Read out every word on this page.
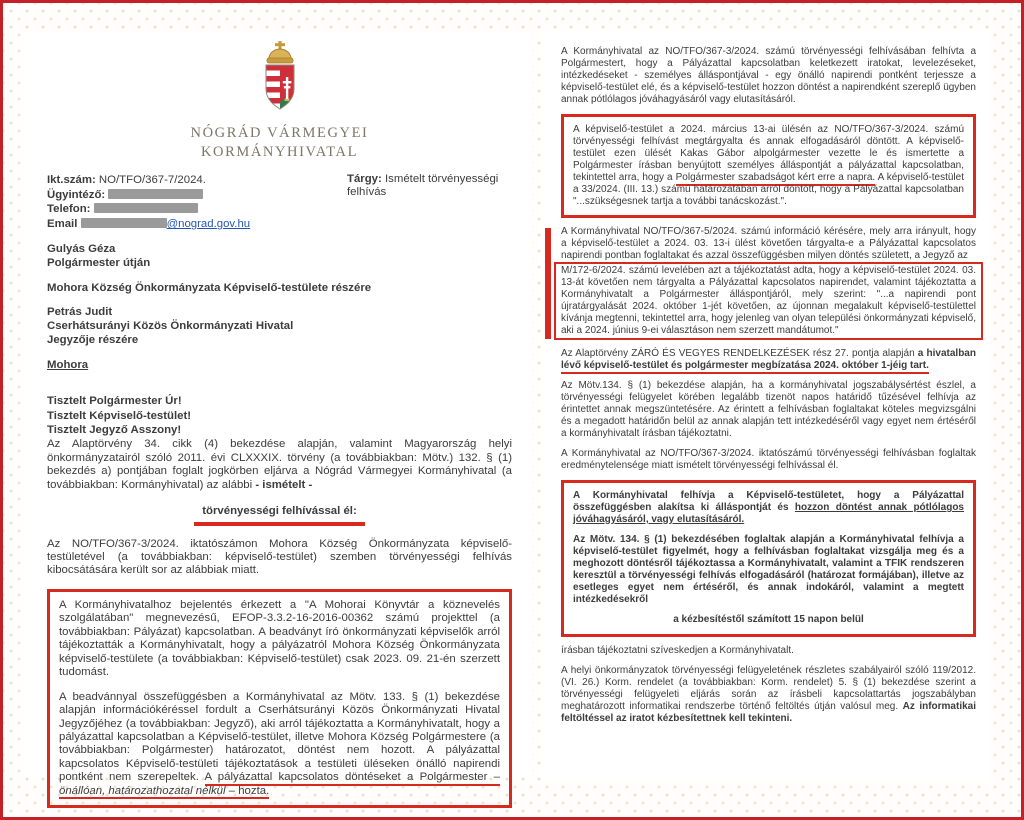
NÓGRÁD VÁRMEGYEI
KORMÁNYHIVATAL
Ikt.szám: NO/TFO/367-7/2024.
Ügyintéző:
Telefon:
Email	@nograd.gov.hu
Tárgy: Ismételt törvényességi felhívás
Gulyás Géza
Polgármester útján
Mohora Község Önkormányzata Képviselő-testülete részére
Petrás Judit
Cserhátsurányi Közös Önkormányzati Hivatal
Jegyzője részére
Mohora
Tisztelt Polgármester Úr!
Tisztelt Képviselő-testület!
Tisztelt Jegyző Asszony!

Az Alaptörvény 34. cikk (4) bekezdése alapján, valamint Magyarország helyi önkormányzatairól szóló 2011. évi CLXXXIX. törvény (a továbbiakban: Mötv.) 132. § (1) bekezdés a) pontjában foglalt jogkörben eljárva a Nógrád Vármegyei Kormányhivatal (a továbbiakban: Kormányhivatal) az alábbi - ismételt -

törvényességi felhívással él:

Az NO/TFO/367-3/2024. iktatószámon Mohora Község Önkormányzata képviselő-testületével (a továbbiakban: képviselő-testület) szemben törvényességi felhívás kibocsátására került sor az alábbiak miatt.

A Kormányhivatalhoz bejelentés érkezett a "A Mohorai Könyvtár a köznevelés szolgálatában" megnevezésű, EFOP-3.3.2-16-2016-00362 számú projekttel (a továbbiakban: Pályázat) kapcsolatban. A beadványt író önkormányzati képviselők arról tájékoztatták a Kormányhivatalt, hogy a pályázatról Mohora Község Önkormányzata képviselő-testülete (a továbbiakban: Képviselő-testület) csak 2023. 09. 21-én szerzett tudomást.

A beadvánnyal összefüggésben a Kormányhivatal az Mötv. 133. § (1) bekezdése alapján információkéréssel fordult a Cserhátsurányi Közös Önkormányzati Hivatal Jegyzőjéhez (a továbbiakban: Jegyző), aki arról tájékoztatta a Kormányhivatalt, hogy a pályázattal kapcsolatban a Képviselő-testület, illetve Mohora Község Polgármestere (a továbbiakban: Polgármester) határozatot, döntést nem hozott. A pályázattal kapcsolatos Képviselő-testületi tájékoztatások a testületi üléseken önálló napirendi pontként nem szerepeltek. A pályázattal kapcsolatos döntéseket a Polgármester – önállóan, határozathozatal nélkül – hozta.

A Kormányhivatal az NO/TFO/367-3/2024. számú törvényességi felhívásában felhívta a Polgármestert, hogy a Pályázattal kapcsolatban keletkezett iratokat, levelezéseket, intézkedéseket - személyes álláspontjával - egy önálló napirendi pontként terjessze a képviselő-testület elé, és a képviselő-testület hozzon döntést a napirendként szereplő ügyben annak pótlólagos jóváhagyásáról vagy elutasításáról.

A képviselő-testület a 2024. március 13-ai ülésén az NO/TFO/367-3/2024. számú törvényességi felhívást megtárgyalta és annak elfogadásáról döntött. A képviselő-testület ezen ülését Kakas Gábor alpolgármester vezette le és ismertette a Polgármester írásban benyújtott személyes álláspontját a pályázattal kapcsolatban, tekintettel arra, hogy a Polgármester szabadságot kért erre a napra. A képviselő-testület a 33/2024. (III. 13.) számú határozatában arról döntött, hogy a Pályázattal kapcsolatban "...szükségesnek tartja a további tanácskozást.".

A Kormányhivatal NO/TFO/367-5/2024. számú információ kérésére, mely arra irányult, hogy a képviselő-testület a 2024. 03. 13-i ülést követően tárgyalta-e a Pályázattal kapcsolatos napirendi pontban foglaltakat és azzal összefüggésben milyen döntés született, a Jegyző az

M/172-6/2024. számú levelében azt a tájékoztatást adta, hogy a képviselő-testület 2024. 03. 13-át követően nem tárgyalta a Pályázattal kapcsolatos napirendet, valamint tájékoztatta a Kormányhivatalt a Polgármester álláspontjáról, mely szerint: "...a napirendi pont újratárgyalását 2024. október 1-jét követően, az újonnan megalakult képviselő-testülettel kívánja megtenni, tekintettel arra, hogy jelenleg van olyan települési önkormányzati képviselő, aki a 2024. június 9-ei választáson nem szerzett mandátumot."

Az Alaptörvény ZÁRÓ ÉS VEGYES RENDELKEZÉSEK rész 27. pontja alapján a hivatalban lévő képviselő-testület és polgármester megbízatása 2024. október 1-jéig tart.

Az Mötv.134. § (1) bekezdése alapján, ha a kormányhivatal jogszabálysértést észlel, a törvényességi felügyelet körében legalább tizenöt napos határidő tűzésével felhívja az érintettet annak megszüntetésére. Az érintett a felhívásban foglaltakat köteles megvizsgálni és a megadott határidőn belül az annak alapján tett intézkedéséről vagy egyet nem értéséről a kormányhivatalt írásban tájékoztatni.

A Kormányhivatal az NO/TFO/367-3/2024. iktatószámú törvényességi felhívásban foglaltak eredménytelensége miatt ismételt törvényességi felhívással él.

A Kormányhivatal felhívja a Képviselő-testületet, hogy a Pályázattal összefüggésben alakítsa ki álláspontját és hozzon döntést annak pótlólagos jóváhagyásáról, vagy elutasításáról.

Az Mötv. 134. § (1) bekezdésében foglaltak alapján a Kormányhivatal felhívja a képviselő-testület figyelmét, hogy a felhívásban foglaltakat vizsgálja meg és a meghozott döntésről tájékoztassa a Kormányhivatalt, valamint a TFIK rendszeren keresztül a törvényességi felhívás elfogadásáról (határozat formájában), illetve az esetleges egyet nem értéséről, és annak indokáról, valamint a megtett intézkedésekről

a kézbesítéstől számított 15 napon belül

írásban tájékoztatni szíveskedjen a Kormányhivatalt.

A helyi önkormányzatok törvényességi felügyeletének részletes szabályairól szóló 119/2012. (VI. 26.) Korm. rendelet (a továbbiakban: Korm. rendelet) 5. § (1) bekezdése szerint a törvényességi felügyeleti eljárás során az írásbeli kapcsolattartás jogszabályban meghatározott informatikai rendszerbe történő feltöltés útján valósul meg. Az informatikai feltöltéssel az iratot kézbesítettnek kell tekinteni.
